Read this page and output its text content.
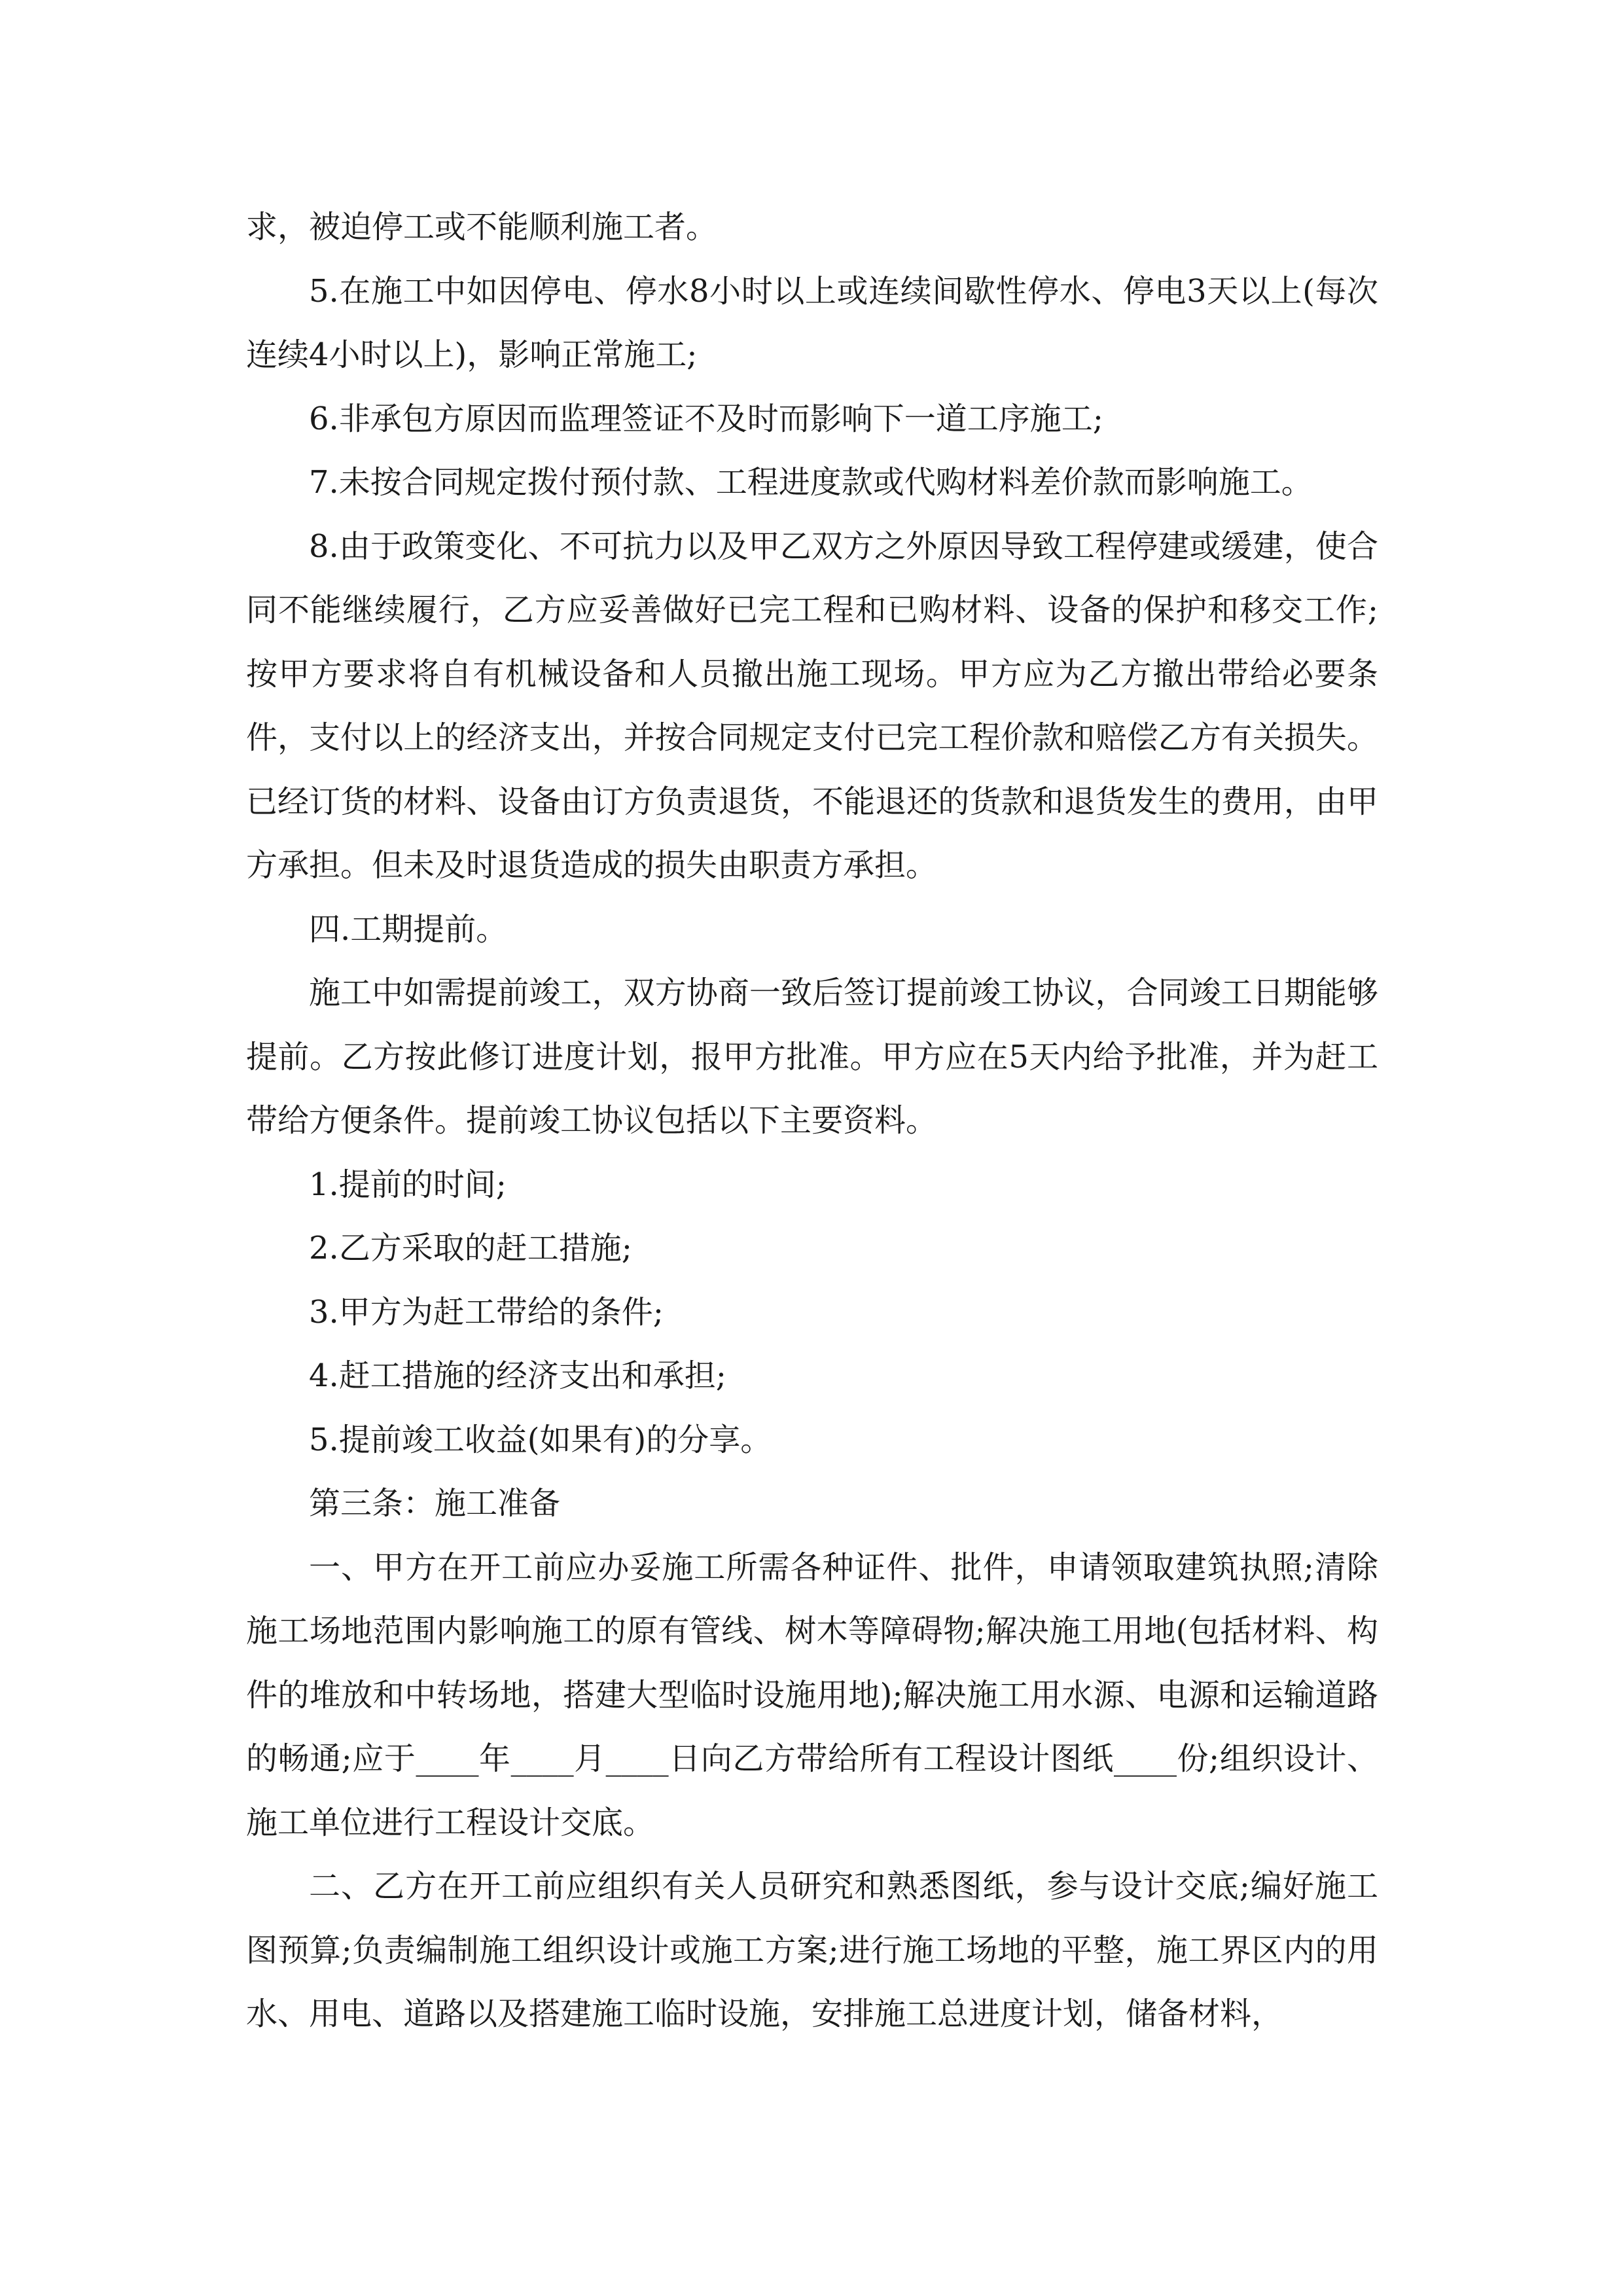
求，被迫停工或不能顺利施工者。

5.在施工中如因停电、停水8小时以上或连续间歇性停水、停电3天以上(每次连续4小时以上)，影响正常施工;

6.非承包方原因而监理签证不及时而影响下一道工序施工;

7.未按合同规定拨付预付款、工程进度款或代购材料差价款而影响施工。

8.由于政策变化、不可抗力以及甲乙双方之外原因导致工程停建或缓建，使合同不能继续履行，乙方应妥善做好已完工程和已购材料、设备的保护和移交工作;按甲方要求将自有机械设备和人员撤出施工现场。甲方应为乙方撤出带给必要条件，支付以上的经济支出，并按合同规定支付已完工程价款和赔偿乙方有关损失。已经订货的材料、设备由订方负责退货，不能退还的货款和退货发生的费用，由甲方承担。但未及时退货造成的损失由职责方承担。

四.工期提前。

施工中如需提前竣工，双方协商一致后签订提前竣工协议，合同竣工日期能够提前。乙方按此修订进度计划，报甲方批准。甲方应在5天内给予批准，并为赶工带给方便条件。提前竣工协议包括以下主要资料。

1.提前的时间;

2.乙方采取的赶工措施;

3.甲方为赶工带给的条件;

4.赶工措施的经济支出和承担;

5.提前竣工收益(如果有)的分享。

第三条：施工准备

一、甲方在开工前应办妥施工所需各种证件、批件，申请领取建筑执照;清除施工场地范围内影响施工的原有管线、树木等障碍物;解决施工用地(包括材料、构件的堆放和中转场地，搭建大型临时设施用地);解决施工用水源、电源和运输道路的畅通;应于____年____月____日向乙方带给所有工程设计图纸____份;组织设计、施工单位进行工程设计交底。

二、乙方在开工前应组织有关人员研究和熟悉图纸，参与设计交底;编好施工图预算;负责编制施工组织设计或施工方案;进行施工场地的平整，施工界区内的用水、用电、道路以及搭建施工临时设施，安排施工总进度计划，储备材料，
